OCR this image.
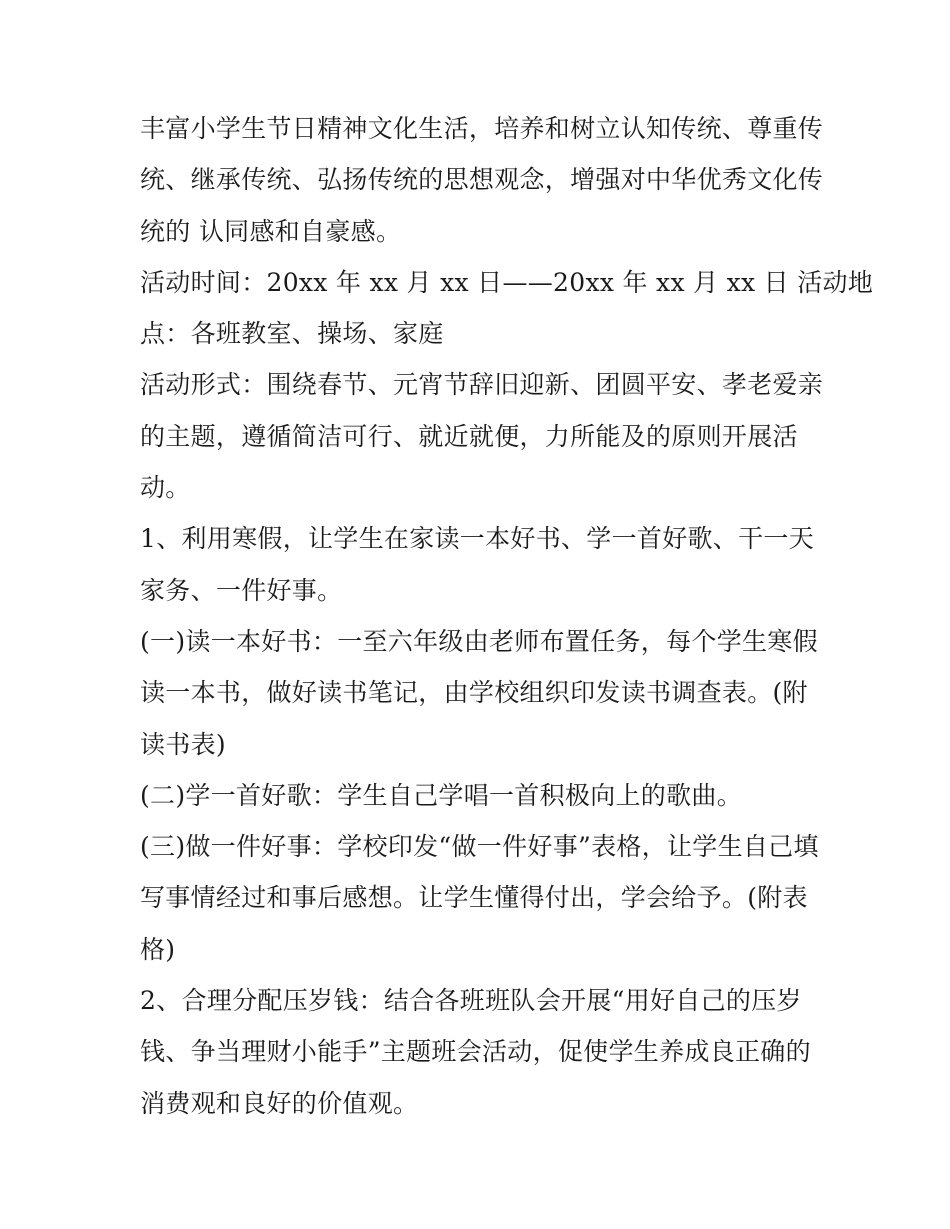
丰富小学生节日精神文化生活，培养和树立认知传统、尊重传
统、继承传统、弘扬传统的思想观念，增强对中华优秀文化传
统的 认同感和自豪感。
活动时间：20xx 年 xx 月 xx 日——20xx 年 xx 月 xx 日 活动地
点：各班教室、操场、家庭
活动形式：围绕春节、元宵节辞旧迎新、团圆平安、孝老爱亲
的主题，遵循简洁可行、就近就便，力所能及的原则开展活
动。
1、利用寒假，让学生在家读一本好书、学一首好歌、干一天
家务、一件好事。
(一)读一本好书：一至六年级由老师布置任务，每个学生寒假
读一本书，做好读书笔记，由学校组织印发读书调查表。(附
读书表)
(二)学一首好歌：学生自己学唱一首积极向上的歌曲。
(三)做一件好事：学校印发“做一件好事”表格，让学生自己填
写事情经过和事后感想。让学生懂得付出，学会给予。(附表
格)
2、合理分配压岁钱：结合各班班队会开展“用好自己的压岁
钱、争当理财小能手”主题班会活动，促使学生养成良正确的
消费观和良好的价值观。
